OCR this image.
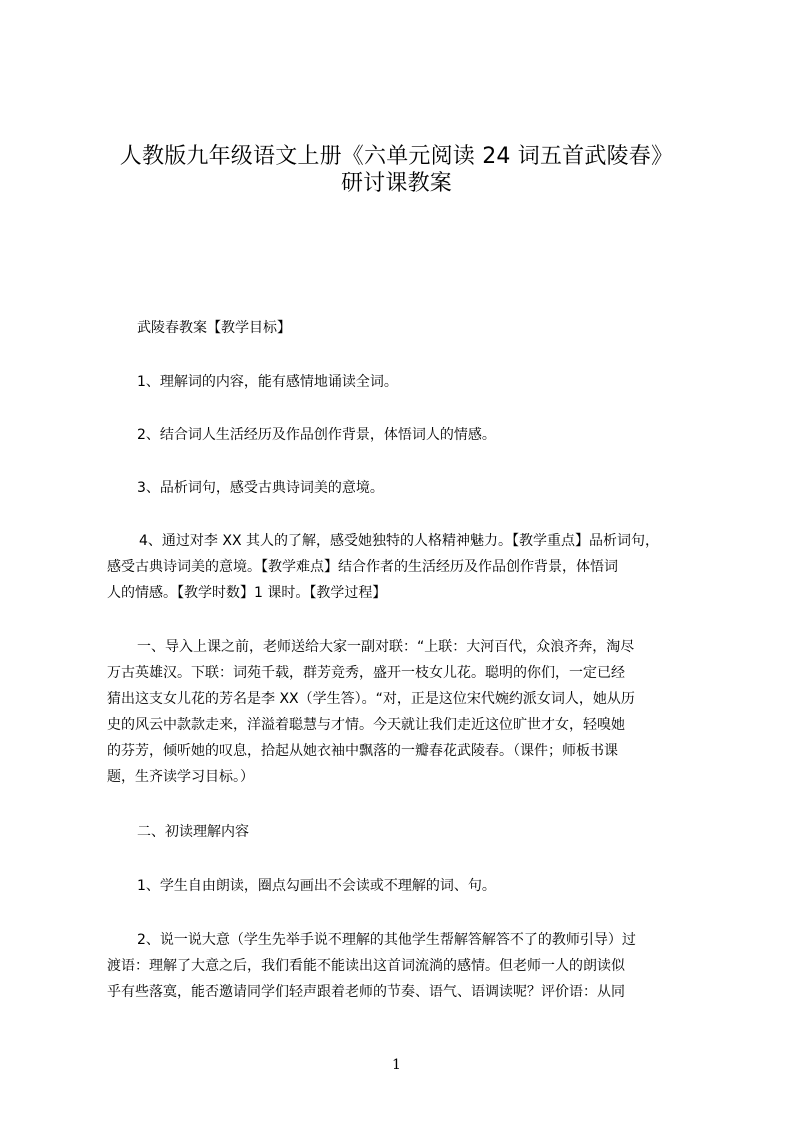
人教版九年级语文上册《六单元阅读 24 词五首武陵春》
研讨课教案
武陵春教案【教学目标】
1、理解词的内容，能有感情地诵读全词。
2、结合词人生活经历及作品创作背景，体悟词人的情感。
3、品析词句，感受古典诗词美的意境。
4、通过对李 XX 其人的了解，感受她独特的人格精神魅力。【教学重点】品析词句，
感受古典诗词美的意境。【教学难点】结合作者的生活经历及作品创作背景，体悟词
人的情感。【教学时数】1 课时。【教学过程】
一、导入上课之前，老师送给大家一副对联：“上联：大河百代，众浪齐奔，淘尽
万古英雄汉。下联：词苑千载，群芳竞秀，盛开一枝女儿花。聪明的你们，一定已经
猜出这支女儿花的芳名是李 XX（学生答）。“对，正是这位宋代婉约派女词人，她从历
史的风云中款款走来，洋溢着聪慧与才情。今天就让我们走近这位旷世才女，轻嗅她
的芬芳，倾听她的叹息，拾起从她衣袖中飘落的一瓣春花武陵春。（课件；师板书课
题，生齐读学习目标。）
二、初读理解内容
1、学生自由朗读，圈点勾画出不会读或不理解的词、句。
2、说一说大意（学生先举手说不理解的其他学生帮解答解答不了的教师引导）过
渡语：理解了大意之后，我们看能不能读出这首词流淌的感情。但老师一人的朗读似
乎有些落寞，能否邀请同学们轻声跟着老师的节奏、语气、语调读呢？评价语：从同
1
